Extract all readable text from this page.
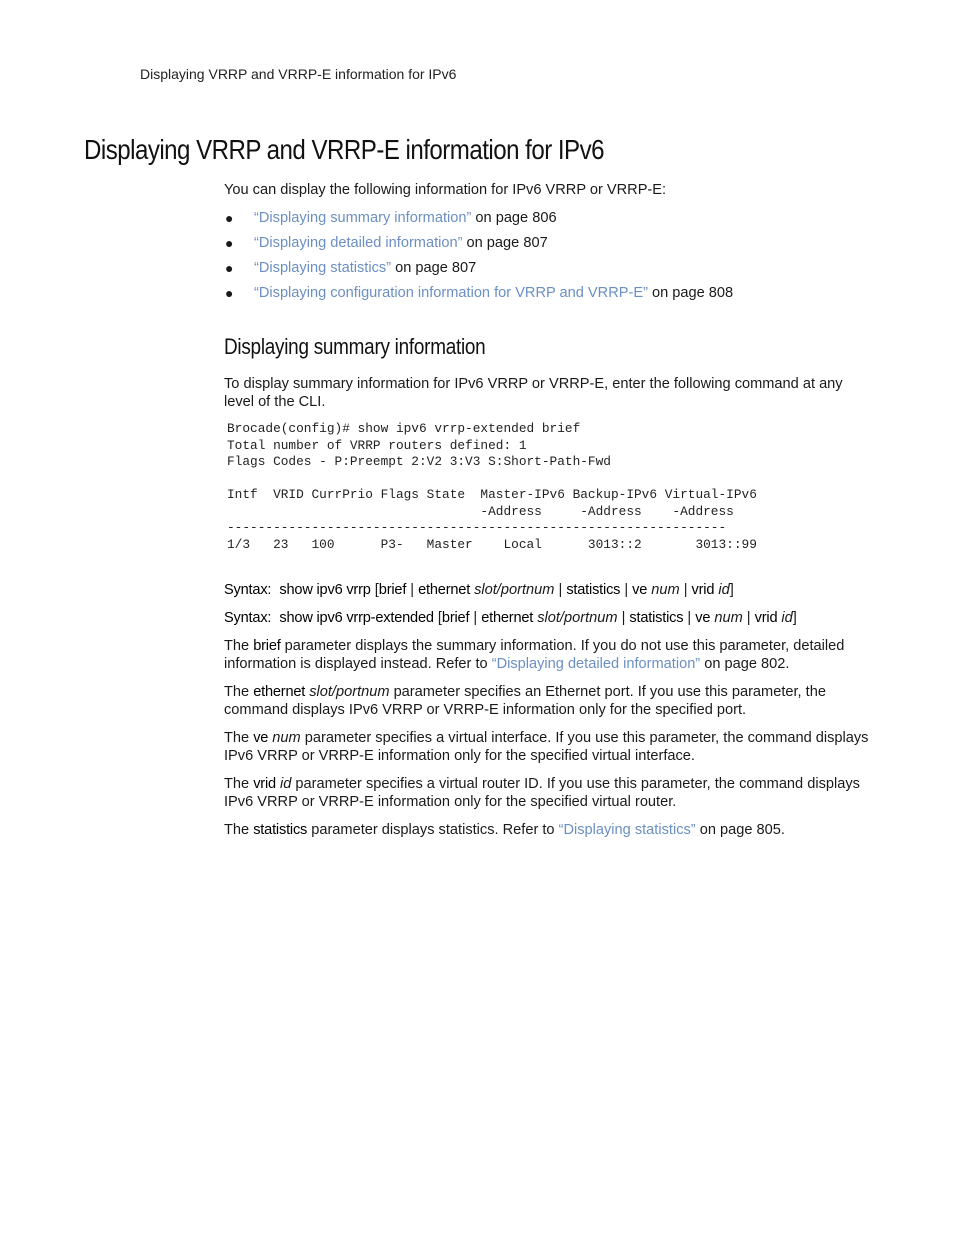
Displaying VRRP and VRRP-E information for IPv6
Displaying VRRP and VRRP-E information for IPv6

You can display the following information for IPv6 VRRP or VRRP-E:

● “Displaying summary information” on page 806
● “Displaying detailed information” on page 807
● “Displaying statistics” on page 807
● “Displaying configuration information for VRRP and VRRP-E” on page 808
Displaying summary information

To display summary information for IPv6 VRRP or VRRP-E, enter the following command at any level of the CLI.

Brocade(config)# show ipv6 vrrp-extended brief
Total number of VRRP routers defined: 1
Flags Codes - P:Preempt 2:V2 3:V3 S:Short-Path-Fwd

Intf  VRID CurrPrio Flags State  Master-IPv6 Backup-IPv6 Virtual-IPv6
-Address     -Address    -Address
-----------------------------------------------------------------
1/3   23   100      P3-   Master    Local      3013::2       3013::99

Syntax: show ipv6 vrrp [brief | ethernet slot/portnum | statistics | ve num | vrid id]

Syntax: show ipv6 vrrp-extended [brief | ethernet slot/portnum | statistics | ve num | vrid id]

The brief parameter displays the summary information. If you do not use this parameter, detailed information is displayed instead. Refer to “Displaying detailed information” on page 802.

The ethernet slot/portnum parameter specifies an Ethernet port. If you use this parameter, the command displays IPv6 VRRP or VRRP-E information only for the specified port.

The ve num parameter specifies a virtual interface. If you use this parameter, the command displays IPv6 VRRP or VRRP-E information only for the specified virtual interface.

The vrid id parameter specifies a virtual router ID. If you use this parameter, the command displays IPv6 VRRP or VRRP-E information only for the specified virtual router.

The statistics parameter displays statistics. Refer to “Displaying statistics” on page 805.
